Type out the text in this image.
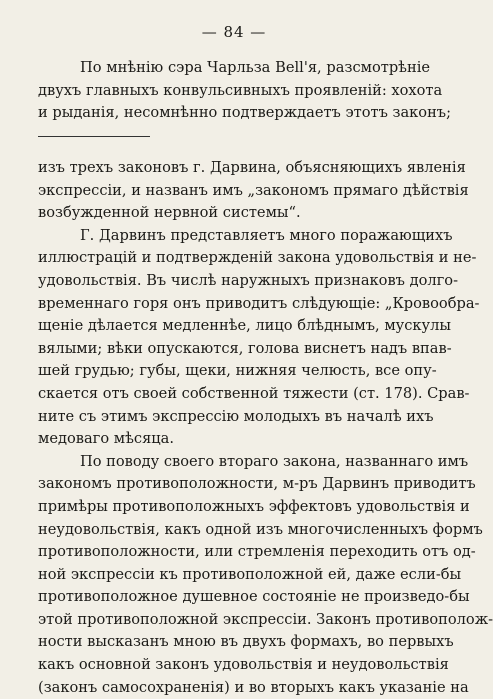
— 84 —
По мнѣнію сэра Чарльза Bell'я, разсмотрѣніе
двухъ главныхъ конвульсивныхъ проявленій: хохота
и рыданія, несомнѣнно подтверждаетъ этотъ законъ;
изъ трехъ законовъ г. Дарвина, объясняющихъ явленія
экспрессіи, и названъ имъ „закономъ прямаго дѣйствія
возбужденной нервной системы“.
Г. Дарвинъ представляетъ много поражающихъ
иллюстрацій и подтвержденій закона удовольствія и не-
удовольствія. Въ числѣ наружныхъ признаковъ долго-
временнаго горя онъ приводитъ слѣдующіе: „Кровообра-
щеніе дѣлается медленнѣе, лицо блѣднымъ, мускулы
вялыми; вѣки опускаются, голова виснетъ надъ впав-
шей грудью; губы, щеки, нижняя челюсть, все опу-
скается отъ своей собственной тяжести (ст. 178). Срав-
ните съ этимъ экспрессію молодыхъ въ началѣ ихъ
медоваго мѣсяца.
По поводу своего втораго закона, названнаго имъ
закономъ противоположности, м-ръ Дарвинъ приводитъ
примѣры противоположныхъ эффектовъ удовольствія и
неудовольствія, какъ одной изъ многочисленныхъ формъ
противоположности, или стремленія переходить отъ од-
ной экспрессіи къ противоположной ей, даже если-бы
противоположное душевное состояніе не произведо-бы
этой противоположной экспрессіи. Законъ противополож-
ности высказанъ мною въ двухъ формахъ, во первыхъ
какъ основной законъ удовольствія и неудовольствія
(законъ самосохраненія) и во вторыхъ какъ указаніе на
